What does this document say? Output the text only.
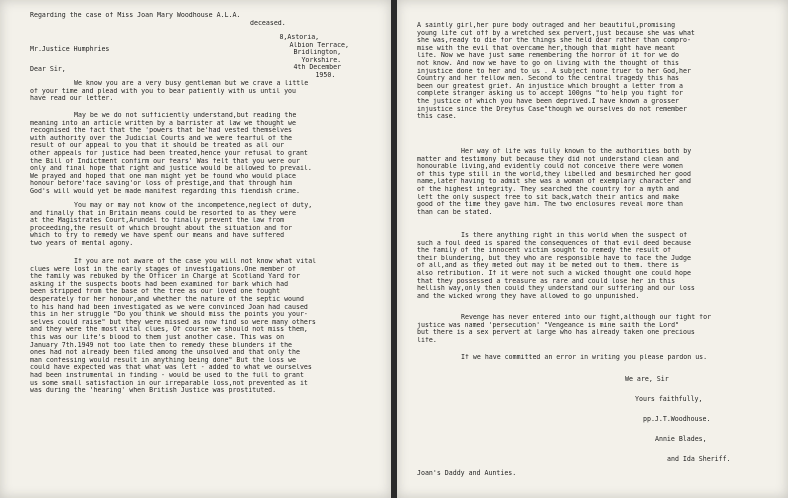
Regarding the case of Miss Joan Mary Woodhouse A.L.A.
deceased.
8,Astoria,
Albion Terrace,
Bridlington,
Yorkshire.
4th December
1950.
Mr.Justice Humphries
Dear Sir,
We know you are a very busy gentleman but we crave a little
of your time and plead with you to bear patiently with us until you
have read our letter.
May be we do not sufficiently understand,but reading the
meaning into an article written by a barrister at law we thought we
recognised the fact that the 'powers that be'had vested themselves
with authority over the Judicial Courts and we were fearful of the
result of our appeal to you that it should be treated as all our
other appeals for justice had been treated,hence your refusal to grant
the Bill of Indictment confirm our fears' Was felt that you were our
only and final hope that right and justice would be allowed to prevail.
We prayed and hoped that one man might yet be found who would place
honour before'face saving'or loss of prestige,and that through him
God's will would yet be made manifest regarding this fiendish crime.
You may or may not know of the incompetence,neglect of duty,
and finally that in Britain means could be resorted to as they were
at the Magistrates Court,Arundel to finally prevent the law from
proceeding,the result of which brought about the situation and for
which to try to remedy we have spent our means and have suffered
two years of mental agony.
If you are not aware of the case you will not know what vital
clues were lost in the early stages of investigations.One member of
the family was rebuked by the Officer in Charge at Scotland Yard for
asking if the suspects boots had been examined for bark which had
been stripped from the base of the tree as our loved one fought
desperately for her honour,and whether the nature of the septic wound
to his hand had been investigated as we were convinced Joan had caused
this in her struggle "Do you think we should miss the points you your-
selves could raise" but they were missed as now find so were many others
and they were the most vital clues, Of course we should not miss them,
this was our life's blood to them just another case. This was on
January 7th.1949 not too late then to remedy these blunders if the
ones had not already been filed among the unsolved and that only the
man confessing would result in anything being done" But the loss we
could have expected was that what was left - added to what we ourselves
had been instrumental in finding - would be used to the full to grant
us some small satisfaction in our irreparable loss,not prevented as it
was during the 'hearing' when British Justice was prostituted.
A saintly girl,her pure body outraged and her beautiful,promising
young life cut off by a wretched sex pervert,just because she was what
she was,ready to die for the things she held dear rather than compro-
mise with the evil that overcame her,though that might have meant
life. Now we have just same remembering the horror of it for we do
not know. And now we have to go on living with the thought of this
injustice done to her and to us . A subject none truer to her God,her
Country and her fellow men. Second to the central tragedy this has
been our greatest grief. An injustice which brought a letter from a
complete stranger asking us to accept 100gns "to help you fight for
the justice of which you have been deprived.I have known a grosser
injustice since the Dreyfus Case"though we ourselves do not remember
this case.
Her way of life was fully known to the authorities both by
matter and testimony but because they did not understand clean and
honourable living,and evidently could not conceive there were women
of this type still in the world,they libelled and besmirched her good
name,later having to admit she was a woman of exemplary character and
of the highest integrity. They searched the country for a myth and
left the only suspect free to sit back,watch their antics and make
good of the time they gave him. The two enclosures reveal more than
than can be stated.
Is there anything right in this world when the suspect of
such a foul deed is spared the consequences of that evil deed because
the family of the innocent victim sought to remedy the result of
their blundering, but they who are responsible have to face the Judge
of all,and as they meted out may it be meted out to them. there is
also retribution. If it were not such a wicked thought one could hope
that they possessed a treasure as rare and could lose her in this
hellish way,only then could they understand our suffering and our loss
and the wicked wrong they have allowed to go unpunished.
Revenge has never entered into our fight,although our fight for
justice was named 'persecution' "Vengeance is mine saith the Lord"
but there is a sex pervert at large who has already taken one precious
life.
If we have committed an error in writing you please pardon us.
We are, Sir
Yours faithfully,
pp.J.T.Woodhouse.
Annie Blades,
and Ida Sheriff.
Joan's Daddy and Aunties.
